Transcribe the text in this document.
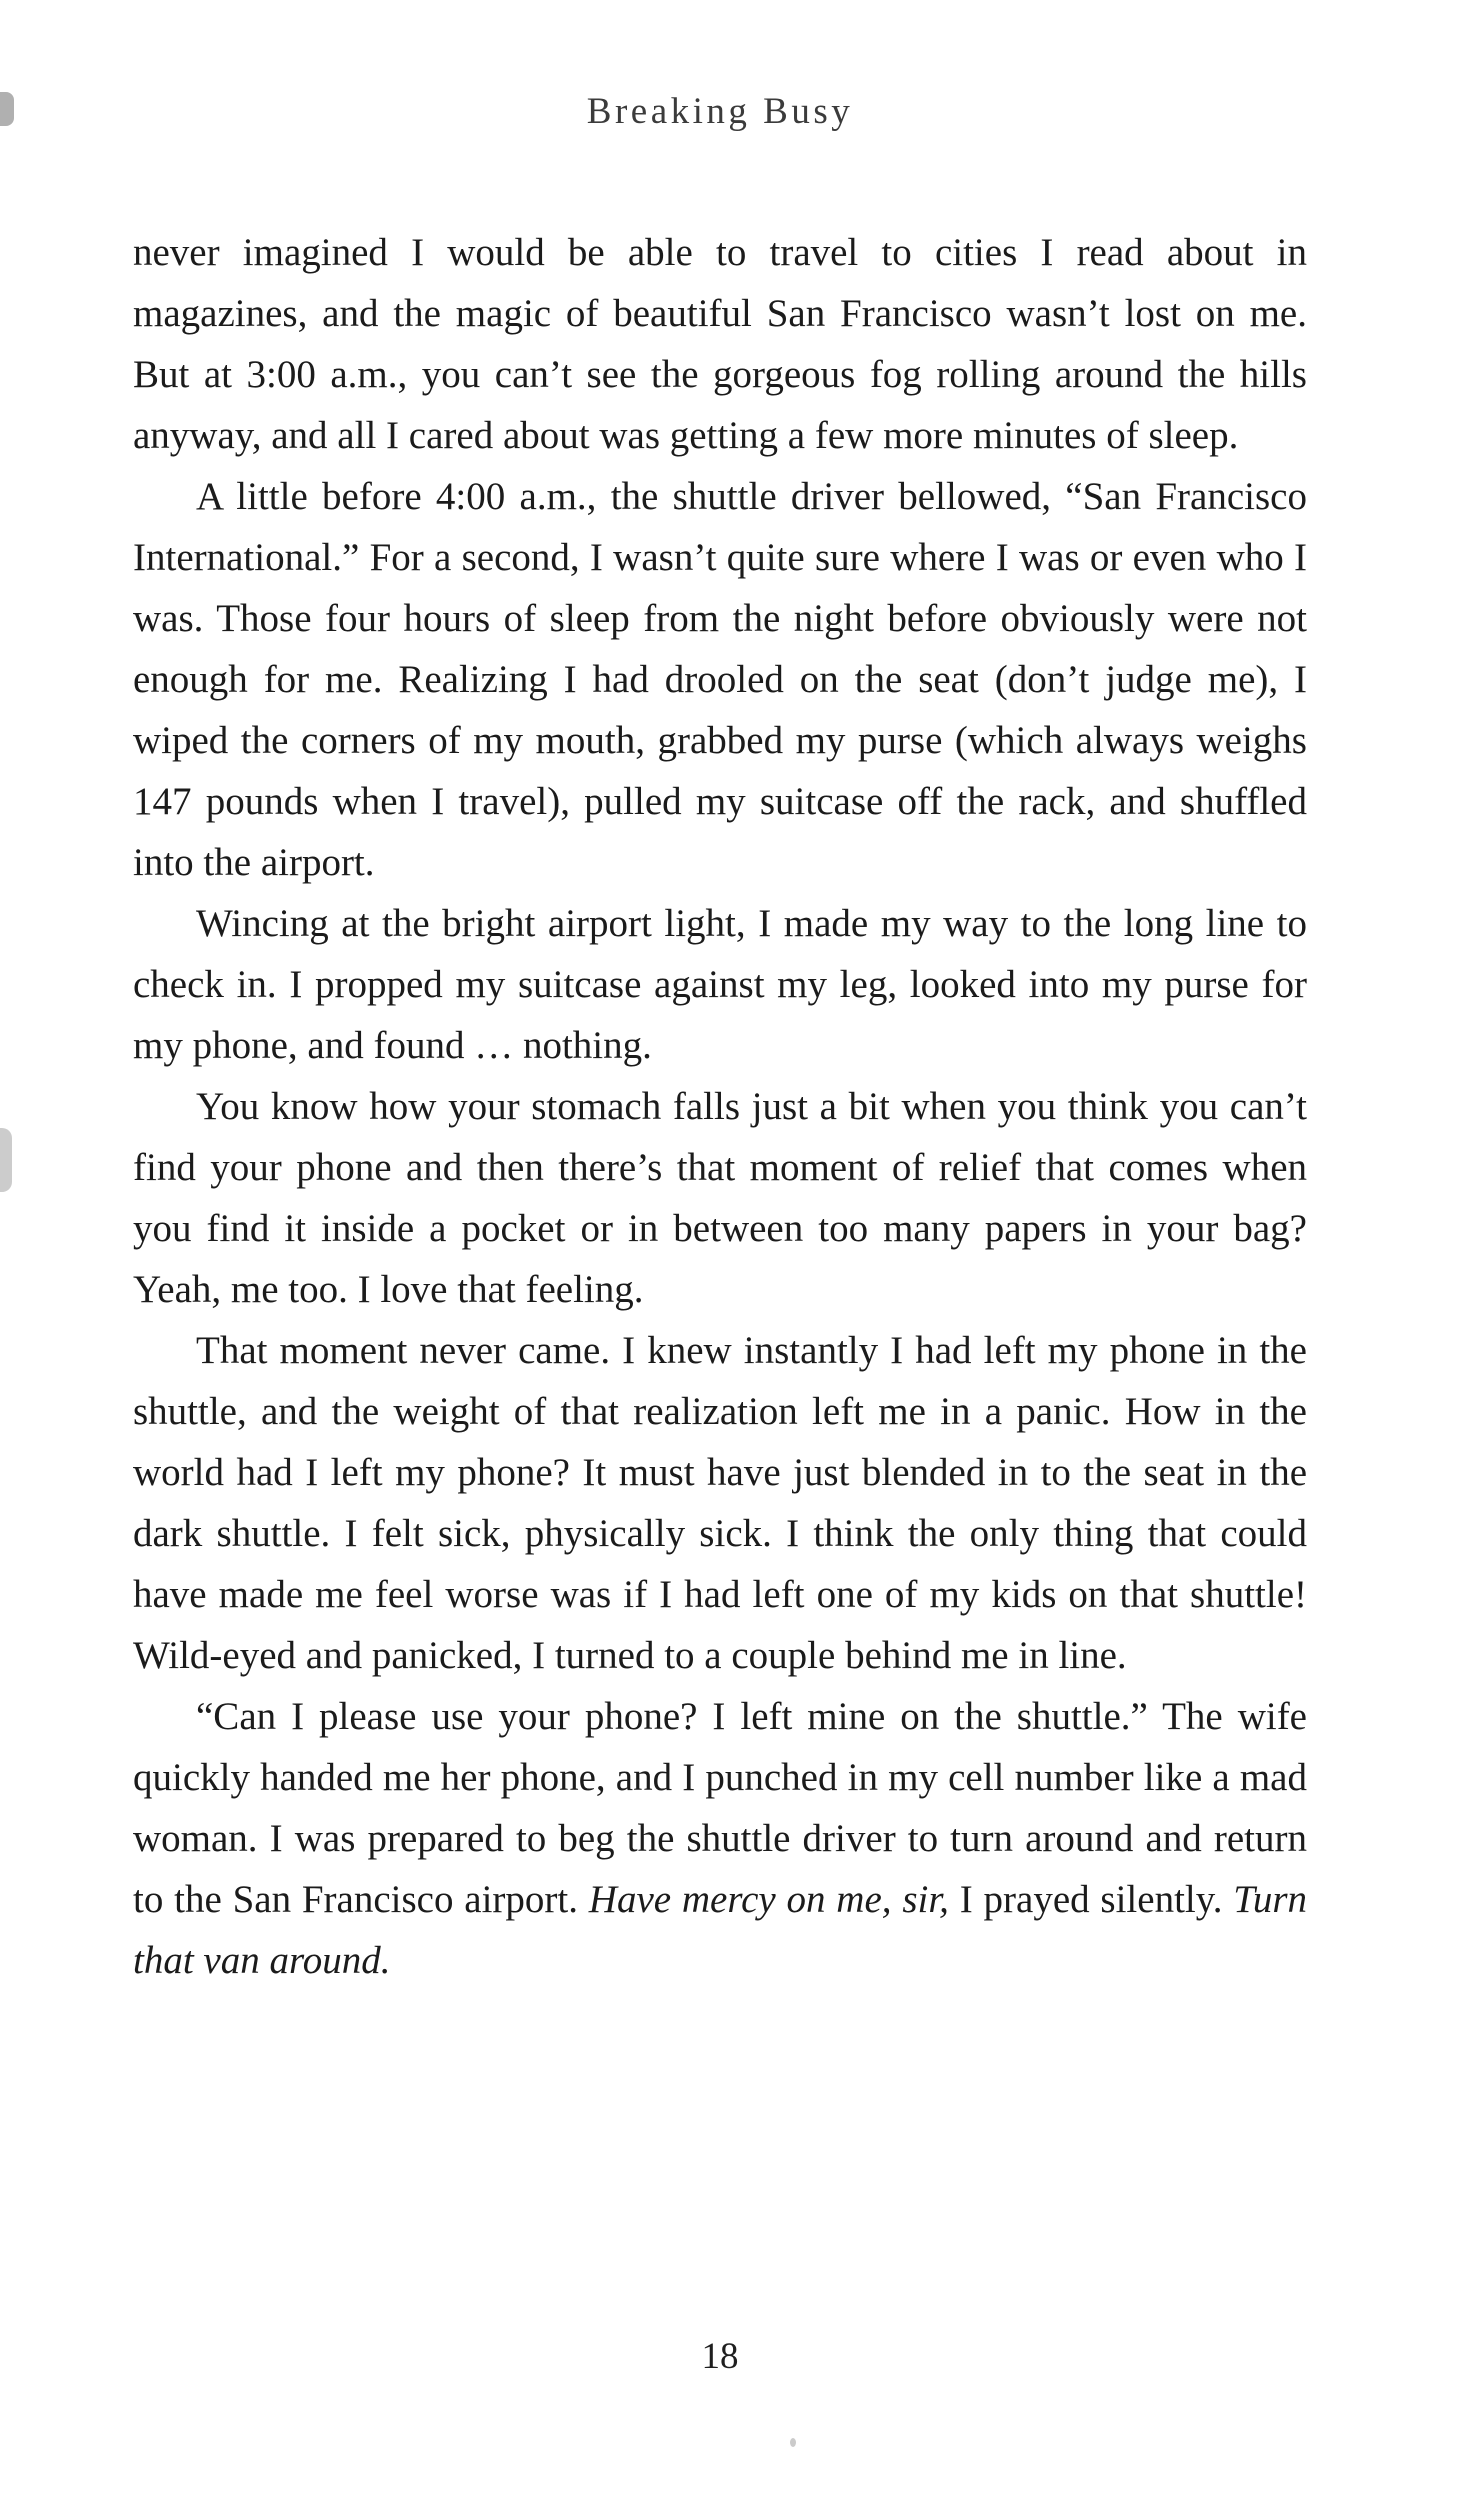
Breaking Busy

never imagined I would be able to travel to cities I read about in magazines, and the magic of beautiful San Francisco wasn’t lost on me. But at 3:00 a.m., you can’t see the gorgeous fog rolling around the hills anyway, and all I cared about was getting a few more minutes of sleep.

A little before 4:00 a.m., the shuttle driver bellowed, “San Francisco International.” For a second, I wasn’t quite sure where I was or even who I was. Those four hours of sleep from the night before obviously were not enough for me. Realizing I had drooled on the seat (don’t judge me), I wiped the corners of my mouth, grabbed my purse (which always weighs 147 pounds when I travel), pulled my suitcase off the rack, and shuffled into the airport.

Wincing at the bright airport light, I made my way to the long line to check in. I propped my suitcase against my leg, looked into my purse for my phone, and found … nothing.

You know how your stomach falls just a bit when you think you can’t find your phone and then there’s that moment of relief that comes when you find it inside a pocket or in between too many papers in your bag? Yeah, me too. I love that feeling.

That moment never came. I knew instantly I had left my phone in the shuttle, and the weight of that realization left me in a panic. How in the world had I left my phone? It must have just blended in to the seat in the dark shuttle. I felt sick, physically sick. I think the only thing that could have made me feel worse was if I had left one of my kids on that shuttle! Wild-eyed and panicked, I turned to a couple behind me in line.

“Can I please use your phone? I left mine on the shuttle.” The wife quickly handed me her phone, and I punched in my cell number like a mad woman. I was prepared to beg the shuttle driver to turn around and return to the San Francisco airport. Have mercy on me, sir, I prayed silently. Turn that van around.

18
